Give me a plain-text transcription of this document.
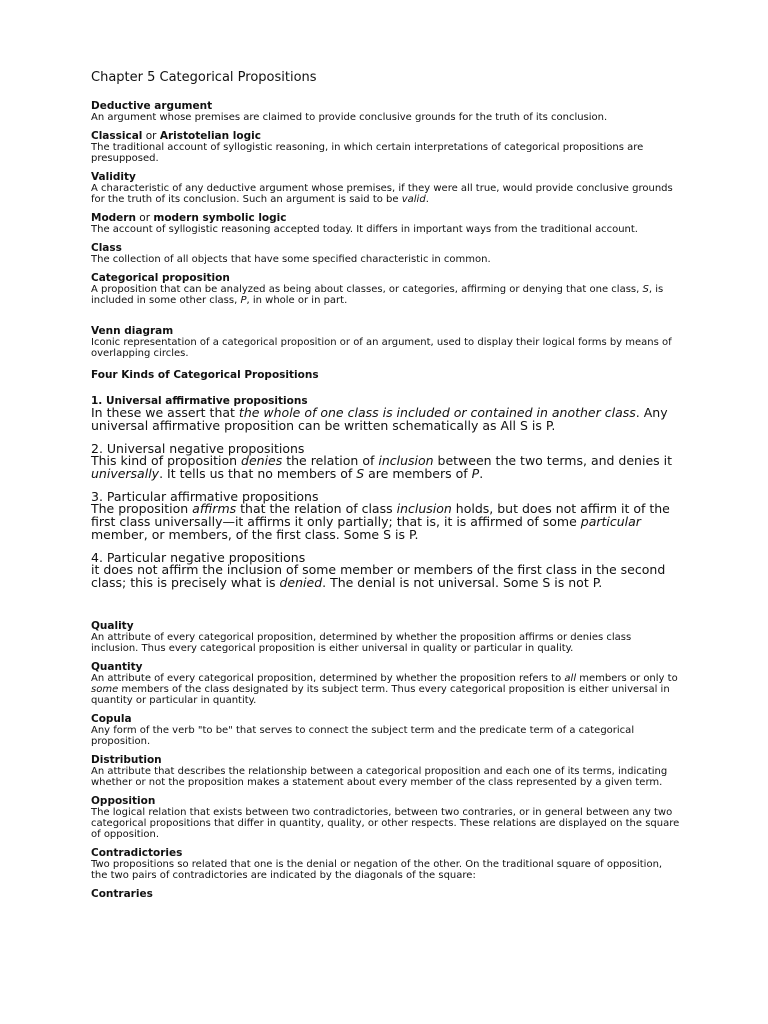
Chapter 5 Categorical Propositions

Deductive argument

An argument whose premises are claimed to provide conclusive grounds for the truth of its conclusion.

Classical or Aristotelian logic

The traditional account of syllogistic reasoning, in which certain interpretations of categorical propositions are presupposed.

Validity

A characteristic of any deductive argument whose premises, if they were all true, would provide conclusive grounds for the truth of its conclusion. Such an argument is said to be valid.

Modern or modern symbolic logic

The account of syllogistic reasoning accepted today. It differs in important ways from the traditional account.

Class

The collection of all objects that have some specified characteristic in common.

Categorical proposition

A proposition that can be analyzed as being about classes, or categories, affirming or denying that one class, S, is included in some other class, P, in whole or in part.

Venn diagram

Iconic representation of a categorical proposition or of an argument, used to display their logical forms by means of overlapping circles.

Four Kinds of Categorical Propositions

1. Universal affirmative propositions

In these we assert that the whole of one class is included or contained in another class. Any universal affirmative proposition can be written schematically as All S is P.

2. Universal negative propositions

This kind of proposition denies the relation of inclusion between the two terms, and denies it universally. It tells us that no members of S are members of P.

3. Particular affirmative propositions

The proposition affirms that the relation of class inclusion holds, but does not affirm it of the first class universally—it affirms it only partially; that is, it is affirmed of some particular member, or members, of the first class. Some S is P.

4. Particular negative propositions

it does not affirm the inclusion of some member or members of the first class in the second class; this is precisely what is denied. The denial is not universal. Some S is not P.

Quality

An attribute of every categorical proposition, determined by whether the proposition affirms or denies class inclusion. Thus every categorical proposition is either universal in quality or particular in quality.

Quantity

An attribute of every categorical proposition, determined by whether the proposition refers to all members or only to some members of the class designated by its subject term. Thus every categorical proposition is either universal in quantity or particular in quantity.

Copula

Any form of the verb "to be" that serves to connect the subject term and the predicate term of a categorical proposition.

Distribution

An attribute that describes the relationship between a categorical proposition and each one of its terms, indicating whether or not the proposition makes a statement about every member of the class represented by a given term.

Opposition

The logical relation that exists between two contradictories, between two contraries, or in general between any two categorical propositions that differ in quantity, quality, or other respects. These relations are displayed on the square of opposition.

Contradictories

Two propositions so related that one is the denial or negation of the other. On the traditional square of opposition, the two pairs of contradictories are indicated by the diagonals of the square:

Contraries
